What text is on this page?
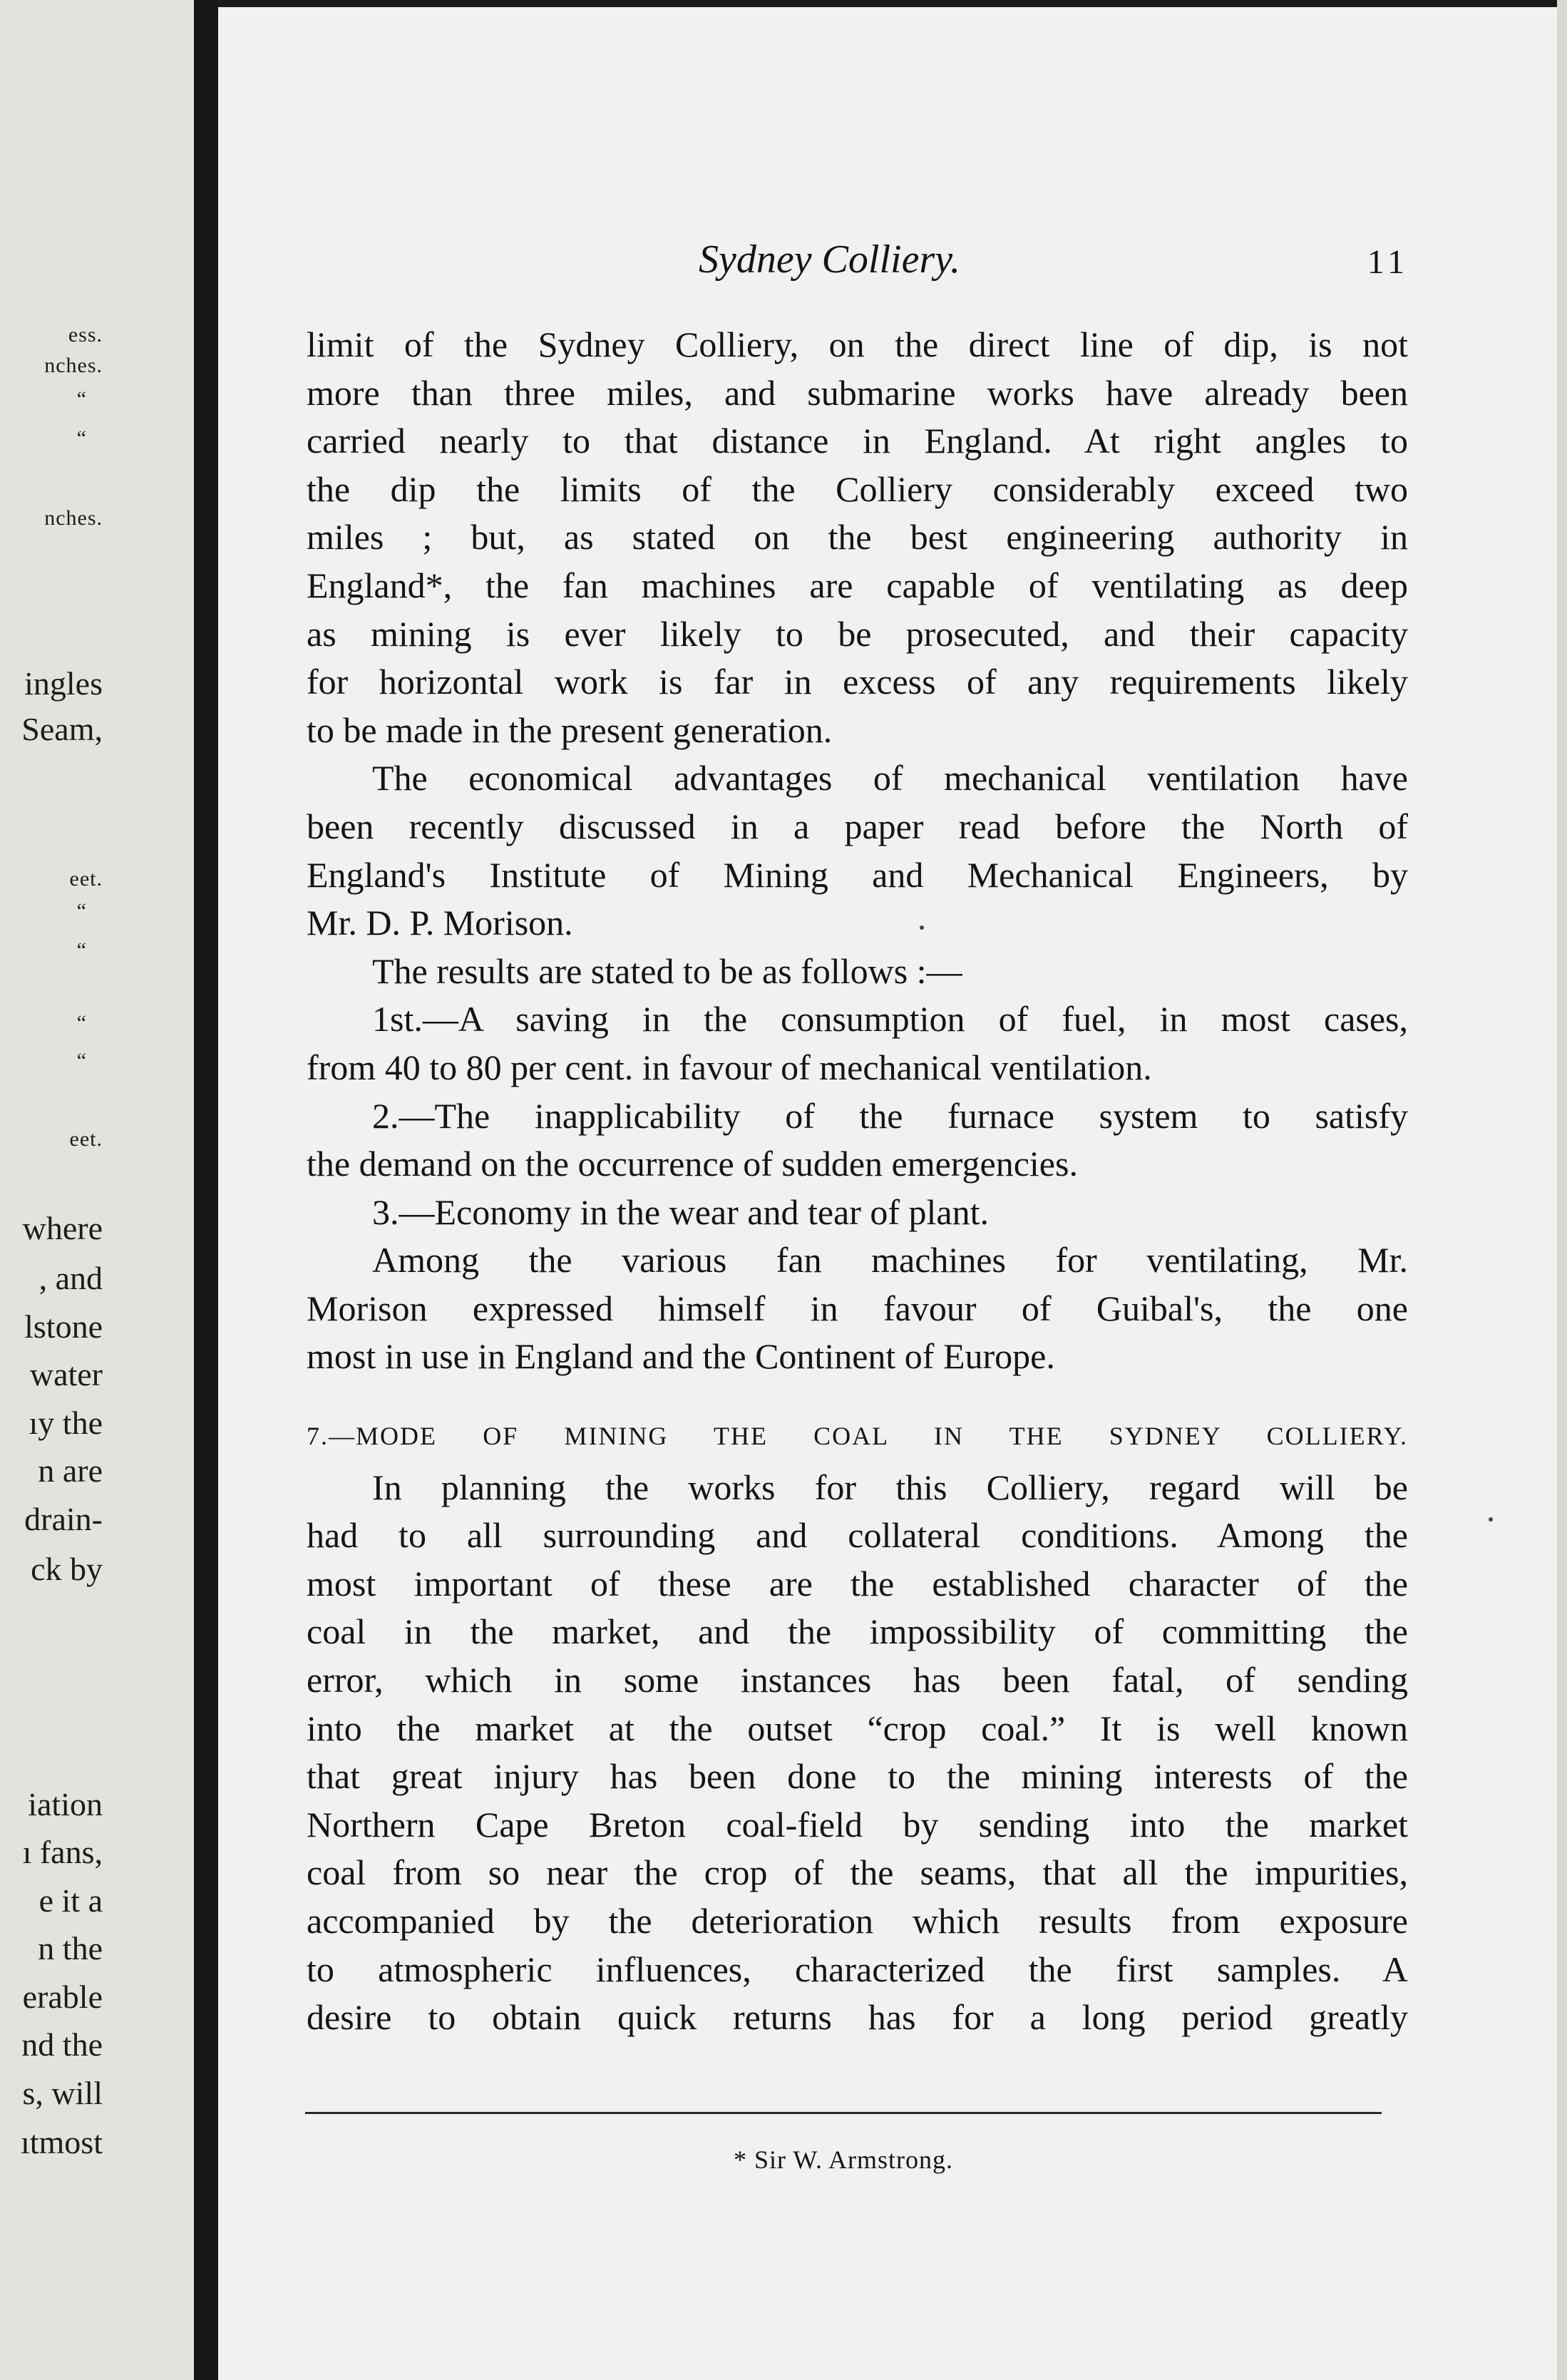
ess.
nches.
“
“
nches.
ingles
Seam,
eet.
“
“
“
“
eet.
where
, and
lstone
water
ıy the
n are
drain-
ck by
iation
ı fans,
e it a
n the
erable
nd the
s, will
ıtmost
Sydney Colliery.	11
limit of the Sydney Colliery, on the direct line of dip, is not
more than three miles, and submarine works have already been
carried nearly to that distance in England. At right angles to
the dip the limits of the Colliery considerably exceed two
miles ; but, as stated on the best engineering authority in
England*, the fan machines are capable of ventilating as deep
as mining is ever likely to be prosecuted, and their capacity
for horizontal work is far in excess of any requirements likely
to be made in the present generation.
The economical advantages of mechanical ventilation have
been recently discussed in a paper read before the North of
England's Institute of Mining and Mechanical Engineers, by
Mr. D. P. Morison.
The results are stated to be as follows :—
1st.—A saving in the consumption of fuel, in most cases,
from 40 to 80 per cent. in favour of mechanical ventilation.
2.—The inapplicability of the furnace system to satisfy
the demand on the occurrence of sudden emergencies.
3.—Economy in the wear and tear of plant.
Among the various fan machines for ventilating, Mr.
Morison expressed himself in favour of Guibal's, the one
most in use in England and the Continent of Europe.
7.—MODE OF MINING THE COAL IN THE SYDNEY COLLIERY.
In planning the works for this Colliery, regard will be
had to all surrounding and collateral conditions. Among the
most important of these are the established character of the
coal in the market, and the impossibility of committing the
error, which in some instances has been fatal, of sending
into the market at the outset “crop coal.” It is well known
that great injury has been done to the mining interests of the
Northern Cape Breton coal-field by sending into the market
coal from so near the crop of the seams, that all the impurities,
accompanied by the deterioration which results from exposure
to atmospheric influences, characterized the first samples. A
desire to obtain quick returns has for a long period greatly
* Sir W. Armstrong.
